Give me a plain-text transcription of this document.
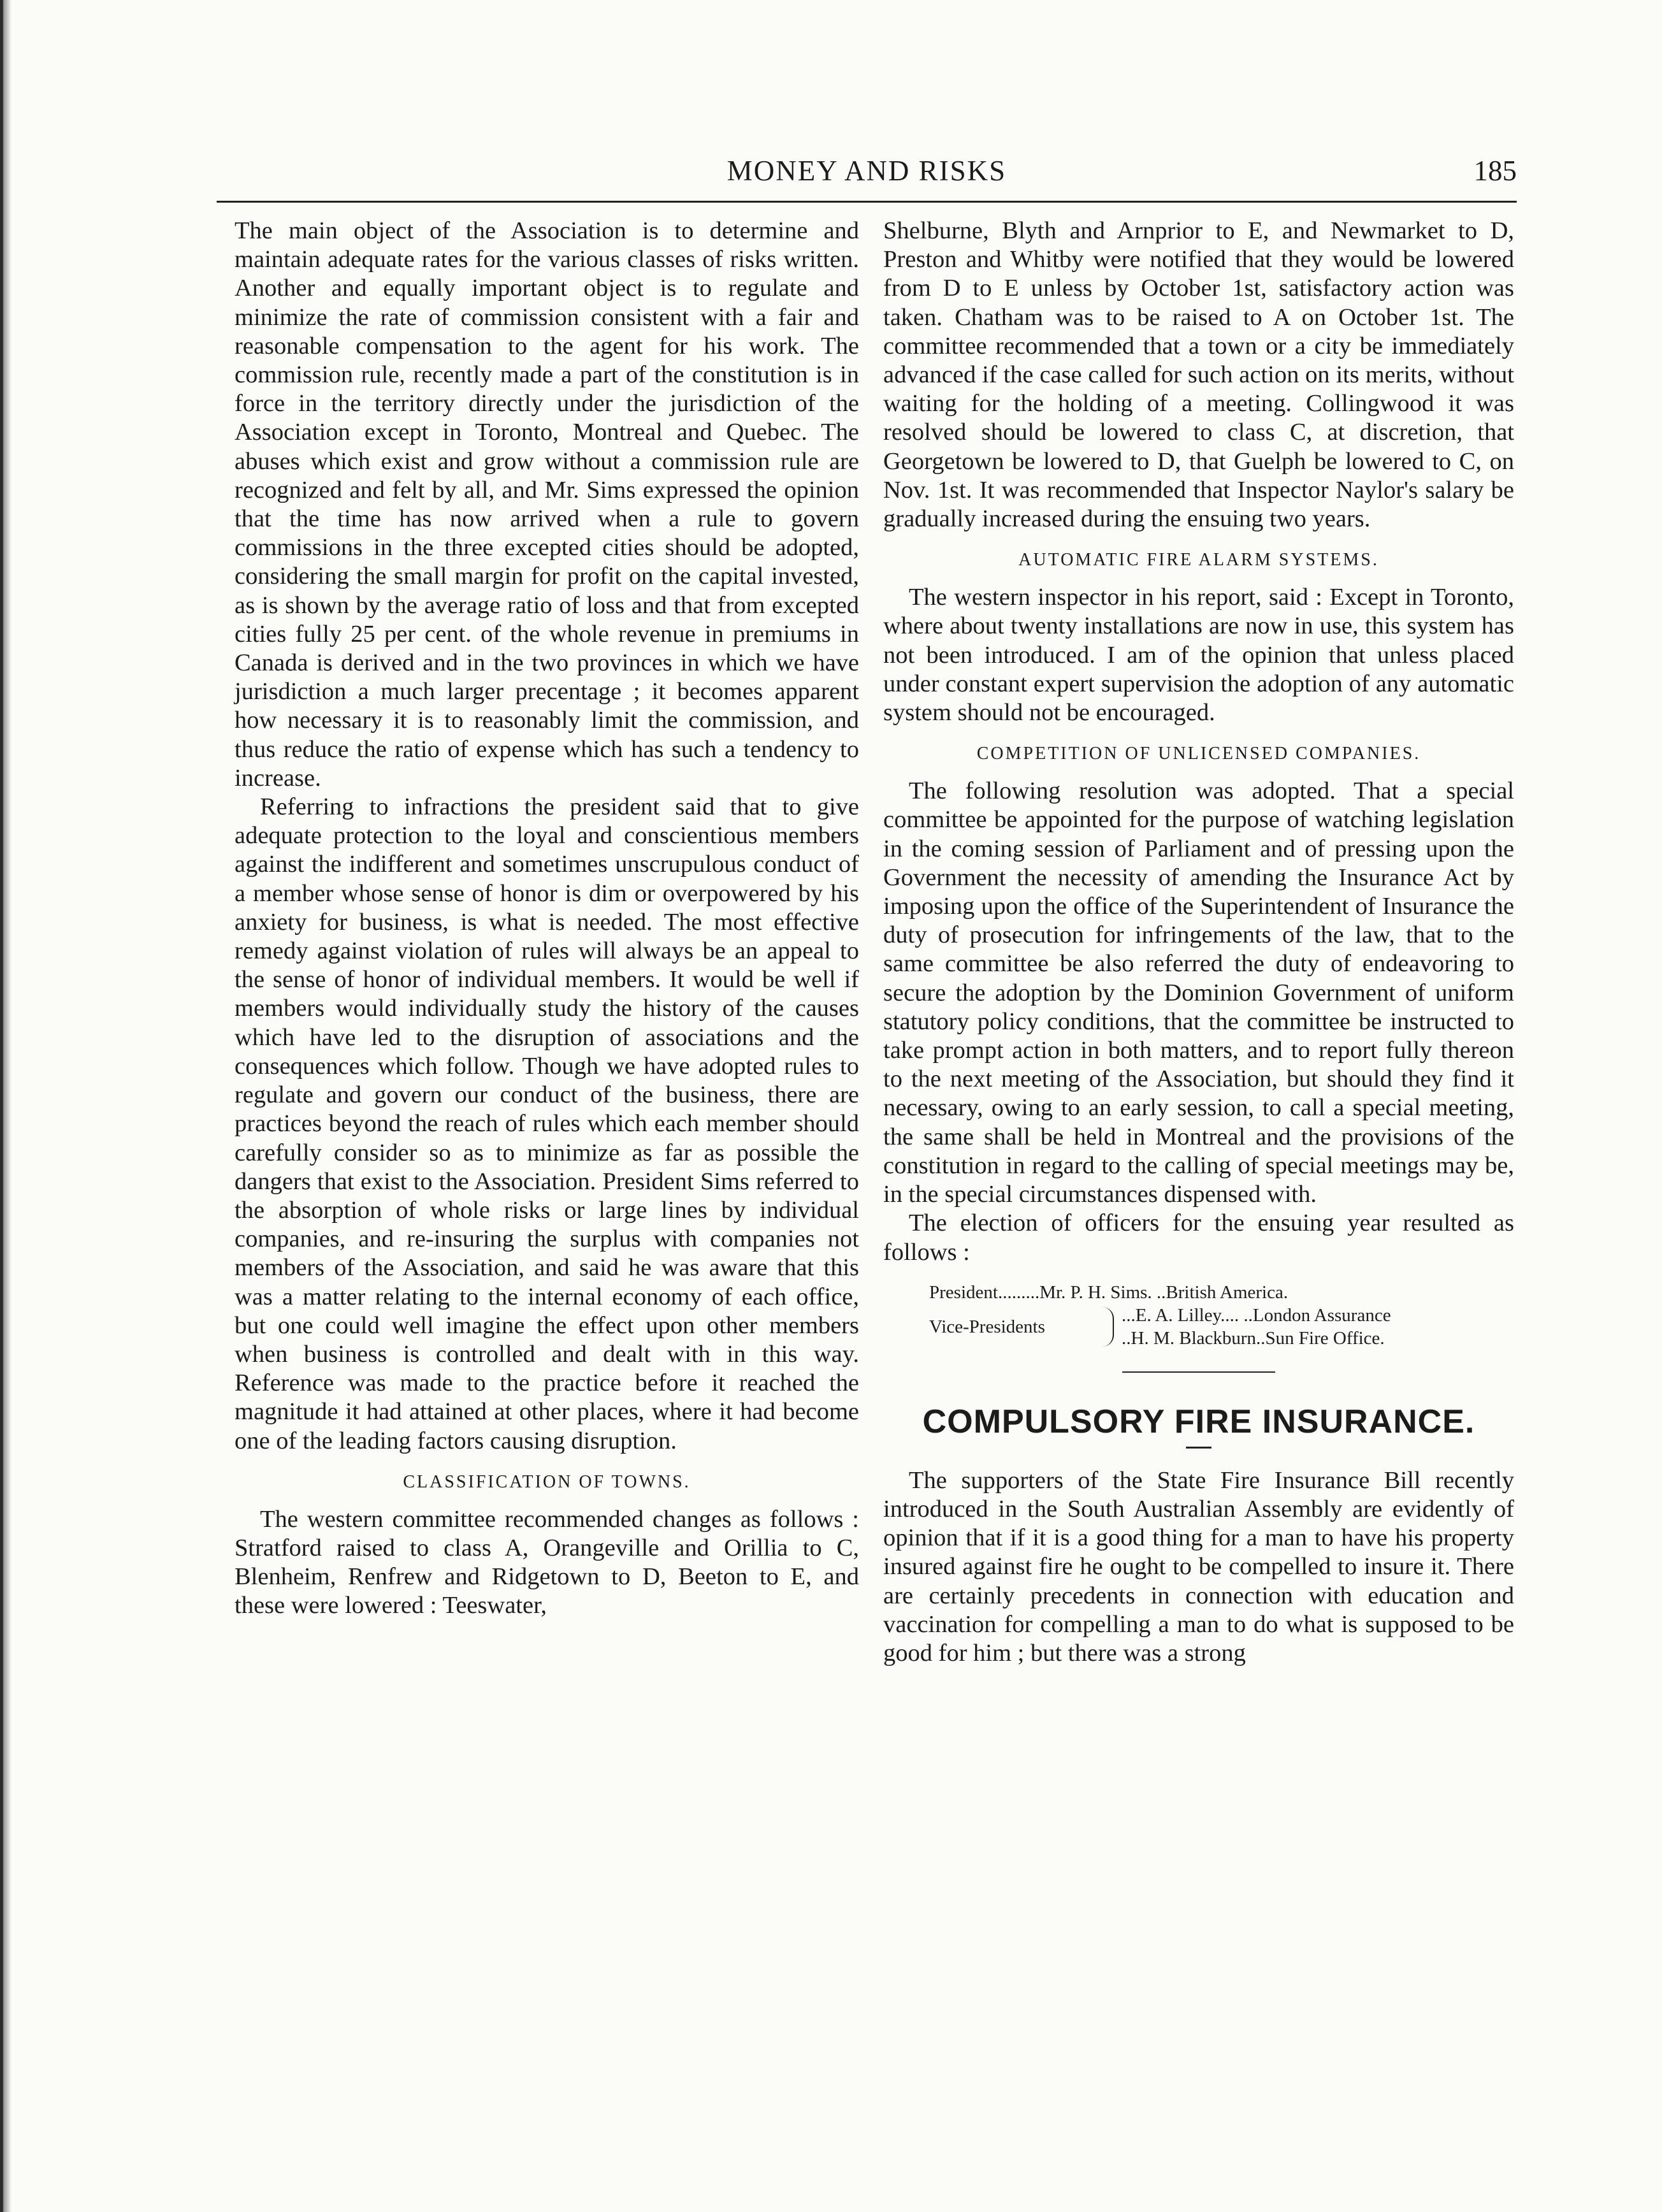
MONEY AND RISKS	185

The main object of the Association is to determine and maintain adequate rates for the various classes of risks written. Another and equally important object is to regulate and minimize the rate of commission consistent with a fair and reasonable compensation to the agent for his work. The commission rule, recently made a part of the constitution is in force in the territory directly under the jurisdiction of the Association except in Toronto, Montreal and Quebec. The abuses which exist and grow without a commission rule are recognized and felt by all, and Mr. Sims expressed the opinion that the time has now arrived when a rule to govern commissions in the three excepted cities should be adopted, considering the small margin for profit on the capital invested, as is shown by the average ratio of loss and that from excepted cities fully 25 per cent. of the whole revenue in premiums in Canada is derived and in the two provinces in which we have jurisdiction a much larger precentage ; it becomes apparent how necessary it is to reasonably limit the commission, and thus reduce the ratio of expense which has such a tendency to increase.

Referring to infractions the president said that to give adequate protection to the loyal and conscientious members against the indifferent and sometimes unscrupulous conduct of a member whose sense of honor is dim or overpowered by his anxiety for business, is what is needed. The most effective remedy against violation of rules will always be an appeal to the sense of honor of individual members. It would be well if members would individually study the history of the causes which have led to the disruption of associations and the consequences which follow. Though we have adopted rules to regulate and govern our conduct of the business, there are practices beyond the reach of rules which each member should carefully consider so as to minimize as far as possible the dangers that exist to the Association. President Sims referred to the absorption of whole risks or large lines by individual companies, and re-insuring the surplus with companies not members of the Association, and said he was aware that this was a matter relating to the internal economy of each office, but one could well imagine the effect upon other members when business is controlled and dealt with in this way. Reference was made to the practice before it reached the magnitude it had attained at other places, where it had become one of the leading factors causing disruption.

CLASSIFICATION OF TOWNS.

The western committee recommended changes as follows : Stratford raised to class A, Orangeville and Orillia to C, Blenheim, Renfrew and Ridgetown to D, Beeton to E, and these were lowered : Teeswater,

Shelburne, Blyth and Arnprior to E, and Newmarket to D, Preston and Whitby were notified that they would be lowered from D to E unless by October 1st, satisfactory action was taken. Chatham was to be raised to A on October 1st. The committee recommended that a town or a city be immediately advanced if the case called for such action on its merits, without waiting for the holding of a meeting. Collingwood it was resolved should be lowered to class C, at discretion, that Georgetown be lowered to D, that Guelph be lowered to C, on Nov. 1st. It was recommended that Inspector Naylor's salary be gradually increased during the ensuing two years.

AUTOMATIC FIRE ALARM SYSTEMS.

The western inspector in his report, said : Except in Toronto, where about twenty installations are now in use, this system has not been introduced. I am of the opinion that unless placed under constant expert supervision the adoption of any automatic system should not be encouraged.

COMPETITION OF UNLICENSED COMPANIES.

The following resolution was adopted. That a special committee be appointed for the purpose of watching legislation in the coming session of Parliament and of pressing upon the Government the necessity of amending the Insurance Act by imposing upon the office of the Superintendent of Insurance the duty of prosecution for infringements of the law, that to the same committee be also referred the duty of endeavoring to secure the adoption by the Dominion Government of uniform statutory policy conditions, that the committee be instructed to take prompt action in both matters, and to report fully thereon to the next meeting of the Association, but should they find it necessary, owing to an early session, to call a special meeting, the same shall be held in Montreal and the provisions of the constitution in regard to the calling of special meetings may be, in the special circumstances dispensed with.

The election of officers for the ensuing year resulted as follows :

President .........Mr. P. H. Sims. ..British America.
Vice-Presidents
...E. A. Lilley.... ..London Assurance
..H. M. Blackburn..Sun Fire Office.
COMPULSORY FIRE INSURANCE.

The supporters of the State Fire Insurance Bill recently introduced in the South Australian Assembly are evidently of opinion that if it is a good thing for a man to have his property insured against fire he ought to be compelled to insure it. There are certainly precedents in connection with education and vaccination for compelling a man to do what is supposed to be good for him ; but there was a strong
